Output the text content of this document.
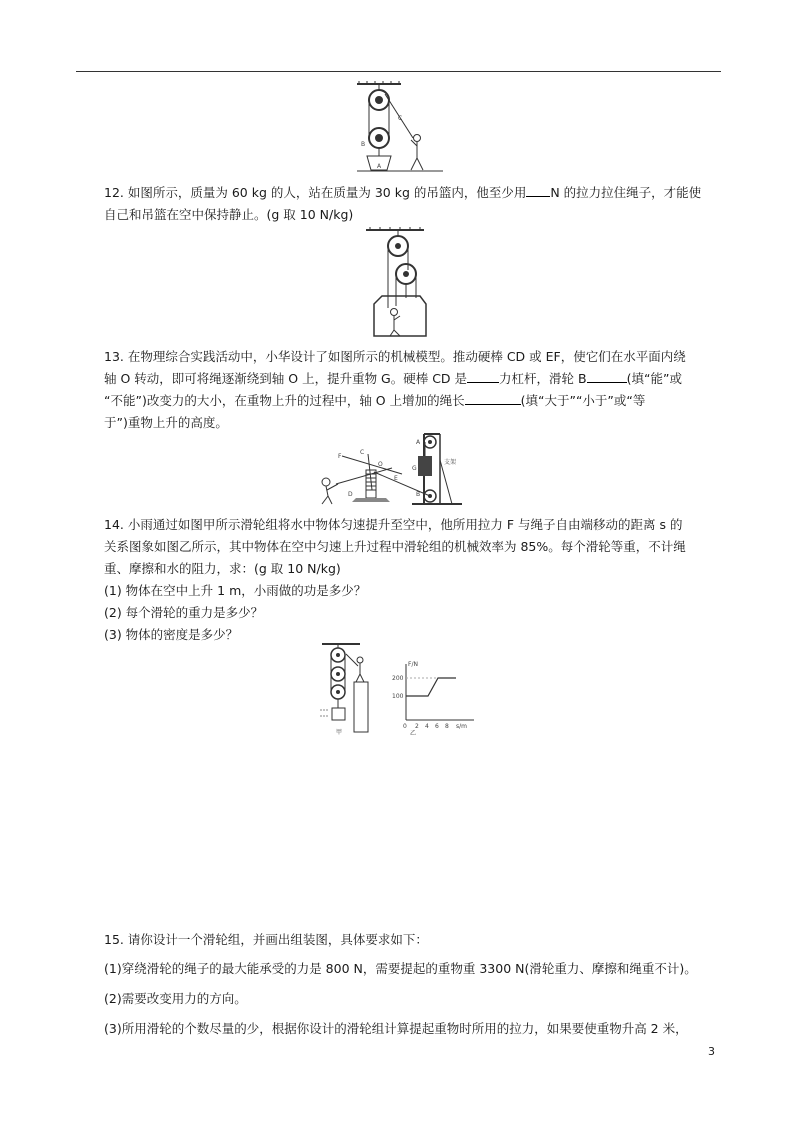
C
B
A
12. 如图所示，质量为 60 kg 的人，站在质量为 30 kg 的吊篮内，他至少用 N 的拉力拉住绳子，才能使
自己和吊篮在空中保持静止。(g 取 10 N/kg)
13. 在物理综合实践活动中，小华设计了如图所示的机械模型。推动硬棒 CD 或 EF，使它们在水平面内绕
轴 O 转动，即可将绳逐渐绕到轴 O 上，提升重物 G。硬棒 CD 是	力杠杆，滑轮 B	(填“能”或
“不能”)改变力的大小，在重物上升的过程中，轴 O 上增加的绳长	(填“大于”“小于”或“等
于”)重物上升的高度。
F
C
O
D
E
A
B
G
支架
14. 小雨通过如图甲所示滑轮组将水中物体匀速提升至空中，他所用拉力 F 与绳子自由端移动的距离 s 的
关系图象如图乙所示，其中物体在空中匀速上升过程中滑轮组的机械效率为 85%。每个滑轮等重，不计绳
重、摩擦和水的阻力，求：(g 取 10 N/kg)
(1) 物体在空中上升 1 m，小雨做的功是多少？
(2) 每个滑轮的重力是多少？
(3) 物体的密度是多少？
甲
F/N
200
100
0 2 4 6 8 s/m
乙
15. 请你设计一个滑轮组，并画出组装图，具体要求如下：
(1)穿绕滑轮的绳子的最大能承受的力是 800 N，需要提起的重物重 3300 N(滑轮重力、摩擦和绳重不计)。
(2)需要改变用力的方向。
(3)所用滑轮的个数尽量的少，根据你设计的滑轮组计算提起重物时所用的拉力，如果要使重物升高 2 米，
3
